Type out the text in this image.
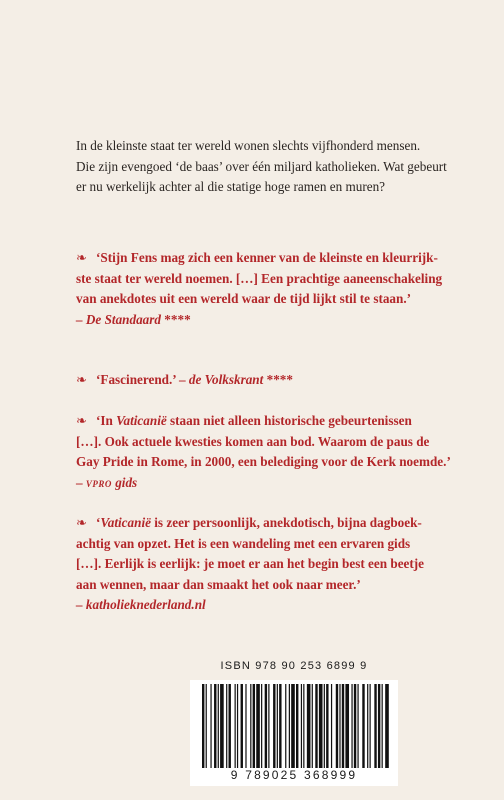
In de kleinste staat ter wereld wonen slechts vijfhonderd mensen.

Die zijn evengoed ‘de baas’ over één miljard katholieken. Wat gebeurt

er nu werkelijk achter al die statige hoge ramen en muren?

❧ ‘Stijn Fens mag zich een kenner van de kleinste en kleurrijk-

ste staat ter wereld noemen. […] Een prachtige aaneenschakeling

van anekdotes uit een wereld waar de tijd lijkt stil te staan.’

– De Standaard ****

❧ ‘Fascinerend.’ – de Volkskrant ****

❧ ‘In Vaticanië staan niet alleen historische gebeurtenissen

[…]. Ook actuele kwesties komen aan bod. Waarom de paus de

Gay Pride in Rome, in 2000, een belediging voor de Kerk noemde.’

– vpro gids

❧ ‘Vaticanië is zeer persoonlijk, anekdotisch, bijna dagboek-

achtig van opzet. Het is een wandeling met een ervaren gids

[…]. Eerlijk is eerlijk: je moet er aan het begin best een beetje

aan wennen, maar dan smaakt het ook naar meer.’

– katholieknederland.nl

ISBN 978 90 253 6899 9
9 789025 368999
